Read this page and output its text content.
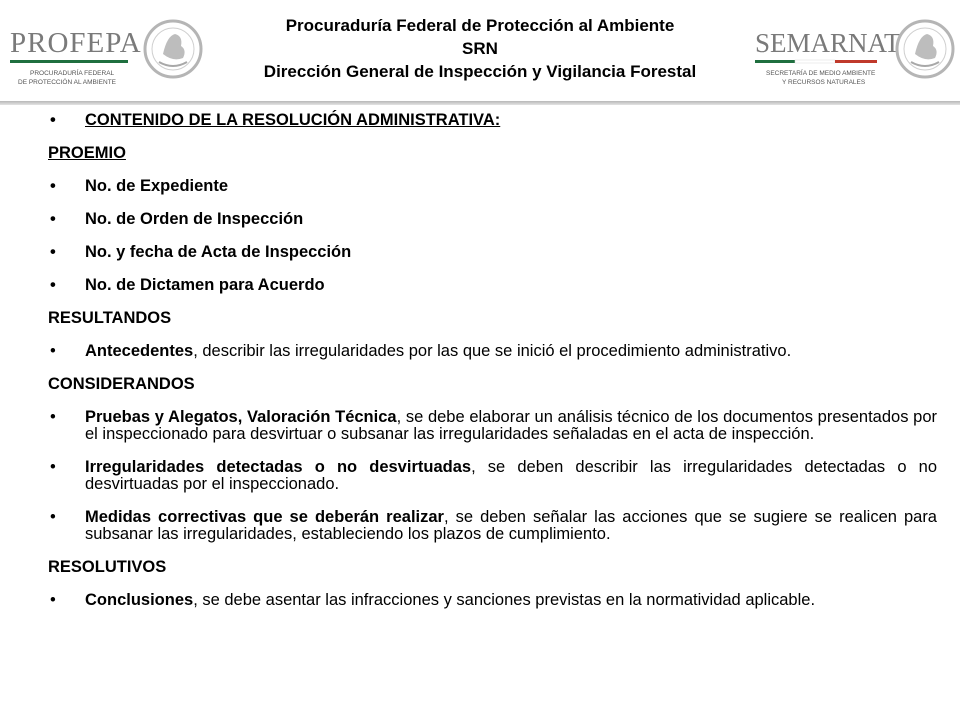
PROFEPA
PROCURADURÍA FEDERAL
DE PROTECCIÓN AL AMBIENTE
Procuraduría Federal de Protección al Ambiente
SRN
Dirección General de Inspección y Vigilancia Forestal
SEMARNAT
SECRETARÍA DE MEDIO AMBIENTE
Y RECURSOS NATURALES

• CONTENIDO DE LA RESOLUCIÓN ADMINISTRATIVA:

PROEMIO

• No. de Expediente

• No. de Orden de Inspección

• No. y fecha de Acta de Inspección

• No. de Dictamen para Acuerdo

RESULTANDOS

• Antecedentes, describir las irregularidades por las que se inició el procedimiento administrativo.

CONSIDERANDOS

• Pruebas y Alegatos, Valoración Técnica, se debe elaborar un análisis técnico de los documentos presentados por el inspeccionado para desvirtuar o subsanar las irregularidades señaladas en el acta de inspección.

• Irregularidades detectadas o no desvirtuadas, se deben describir las irregularidades detectadas o no desvirtuadas por el inspeccionado.

• Medidas correctivas que se deberán realizar, se deben señalar las acciones que se sugiere se realicen para subsanar las irregularidades, estableciendo los plazos de cumplimiento.

RESOLUTIVOS

• Conclusiones, se debe asentar las infracciones y sanciones previstas en la normatividad aplicable.
